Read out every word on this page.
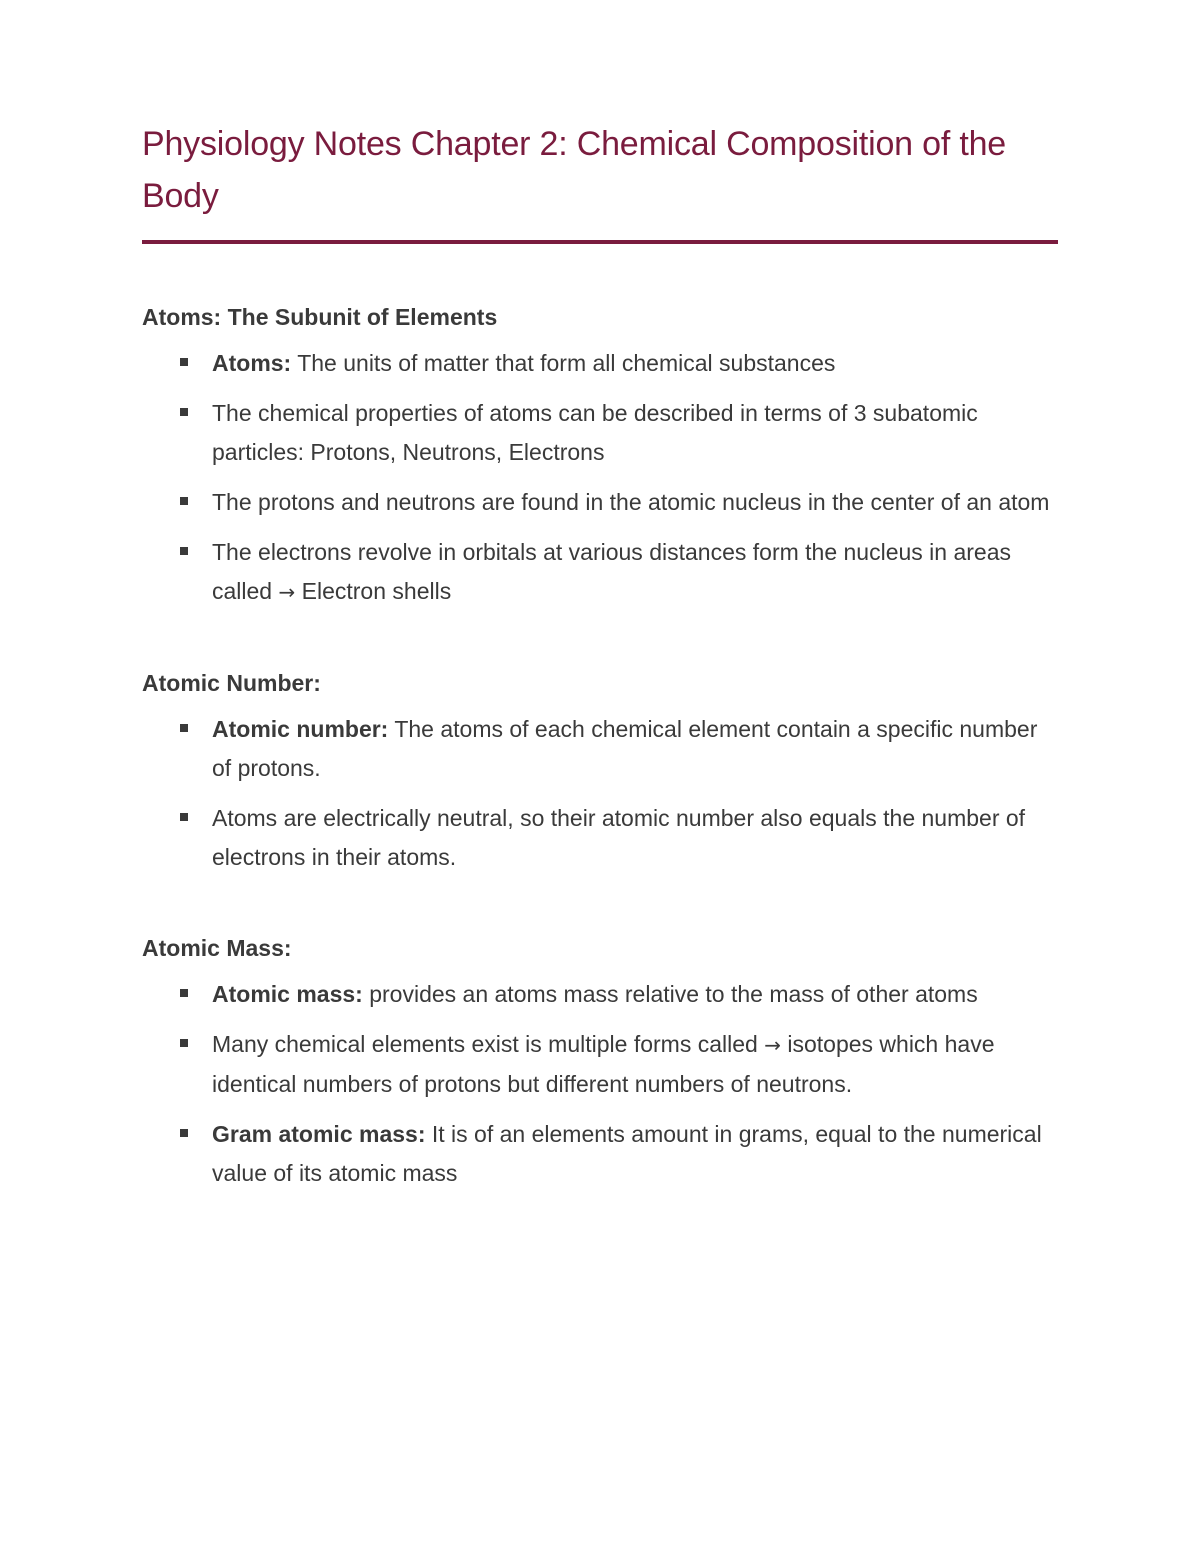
Physiology Notes Chapter 2: Chemical Composition of the Body
Atoms: The Subunit of Elements
Atoms: The units of matter that form all chemical substances
The chemical properties of atoms can be described in terms of 3 subatomic particles: Protons, Neutrons, Electrons
The protons and neutrons are found in the atomic nucleus in the center of an atom
The electrons revolve in orbitals at various distances form the nucleus in areas called → Electron shells
Atomic Number:
Atomic number: The atoms of each chemical element contain a specific number of protons.
Atoms are electrically neutral, so their atomic number also equals the number of electrons in their atoms.
Atomic Mass:
Atomic mass: provides an atoms mass relative to the mass of other atoms
Many chemical elements exist is multiple forms called → isotopes which have identical numbers of protons but different numbers of neutrons.
Gram atomic mass: It is of an elements amount in grams, equal to the numerical value of its atomic mass
